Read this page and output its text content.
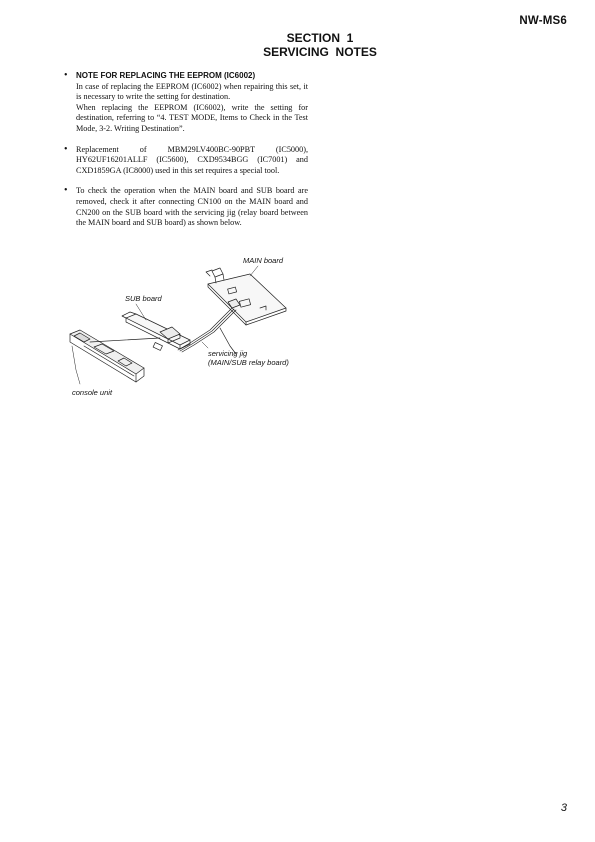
NW-MS6
SECTION  1
SERVICING  NOTES
• NOTE FOR REPLACING THE EEPROM (IC6002)

In case of replacing the EEPROM (IC6002) when repairing this set, it is necessary to write the setting for destination.

When replacing the EEPROM (IC6002), write the setting for destination, referring to “4. TEST MODE, Items to Check in the Test Mode, 3-2. Writing Destination”.

• Replacement of MBM29LV400BC-90PBT (IC5000), HY62UF16201ALLF (IC5600), CXD9534BGG (IC7001) and CXD1859GA (IC8000) used in this set requires a special tool.

• To check the operation when the MAIN board and SUB board are removed, check it after connecting CN100 on the MAIN board and CN200 on the SUB board with the servicing jig (relay board between the MAIN board and SUB board) as shown below.

MAIN board
SUB board
servicing jig
(MAIN/SUB relay board)
console unit
3
